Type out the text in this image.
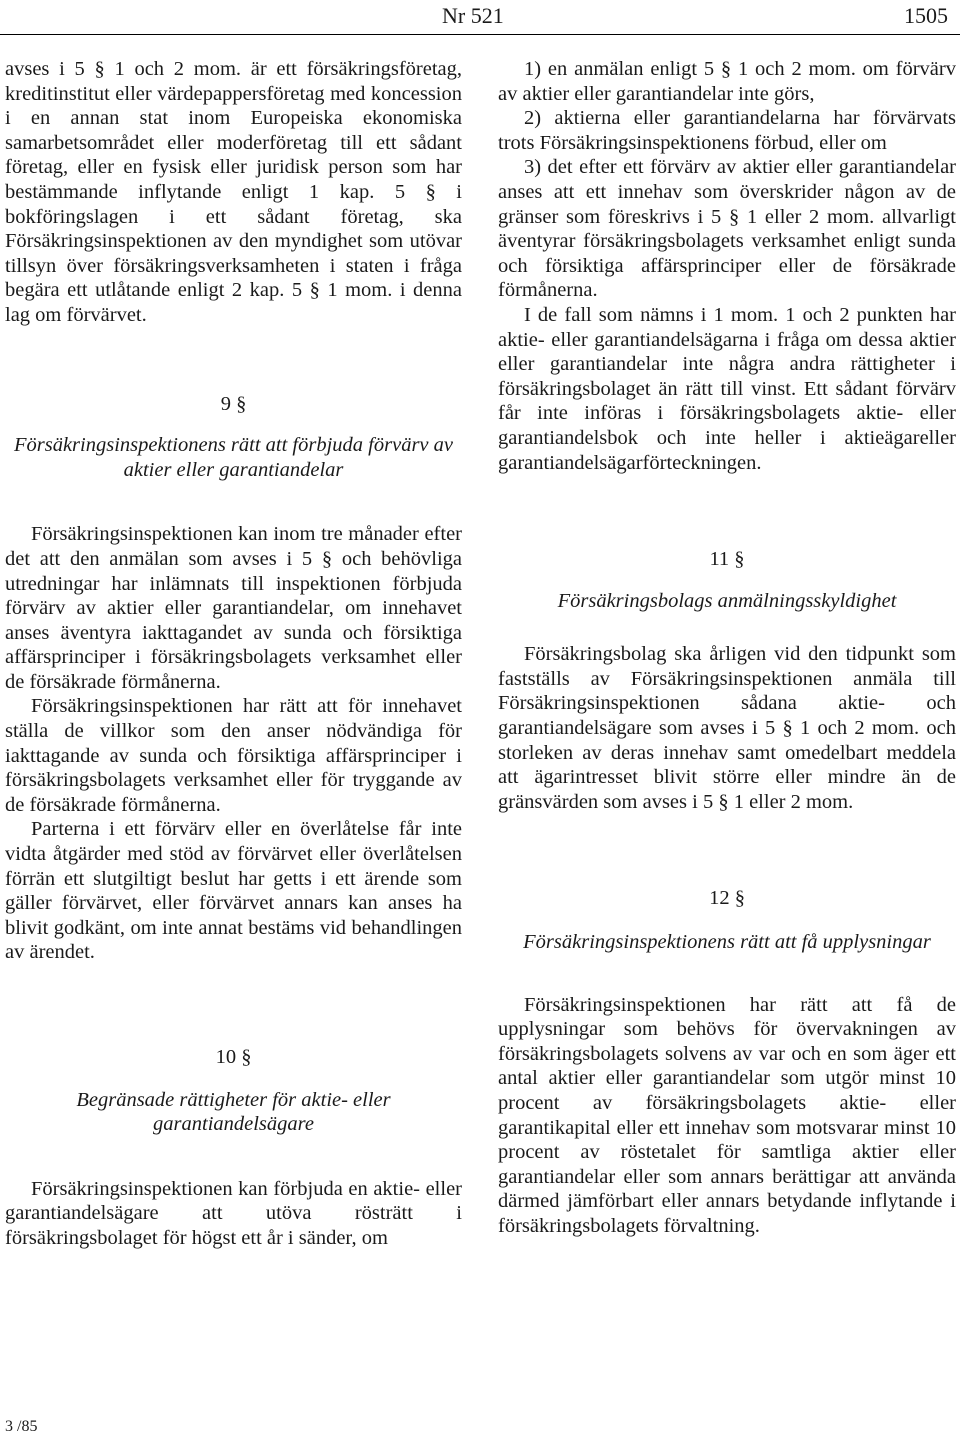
Nr 521	1505

avses i 5 § 1 och 2 mom. är ett försäkringsföretag, kreditinstitut eller värdepappersföretag med koncession i en annan stat inom Europeiska ekonomiska samarbetsområdet eller moderföretag till ett sådant företag, eller en fysisk eller juridisk person som har bestämmande inflytande enligt 1 kap. 5 § i bokföringslagen i ett sådant företag, ska Försäkringsinspektionen av den myndighet som utövar tillsyn över försäkringsverksamheten i staten i fråga begära ett utlåtande enligt 2 kap. 5 § 1 mom. i denna lag om förvärvet.

9 §

Försäkringsinspektionens rätt att förbjuda förvärv av aktier eller garantiandelar

Försäkringsinspektionen kan inom tre månader efter det att den anmälan som avses i 5 § och behövliga utredningar har inlämnats till inspektionen förbjuda förvärv av aktier eller garantiandelar, om innehavet anses äventyra iakttagandet av sunda och försiktiga affärsprinciper i försäkringsbolagets verksamhet eller de försäkrade förmånerna.

Försäkringsinspektionen har rätt att för innehavet ställa de villkor som den anser nödvändiga för iakttagande av sunda och försiktiga affärsprinciper i försäkringsbolagets verksamhet eller för tryggande av de försäkrade förmånerna.

Parterna i ett förvärv eller en överlåtelse får inte vidta åtgärder med stöd av förvärvet eller överlåtelsen förrän ett slutgiltigt beslut har getts i ett ärende som gäller förvärvet, eller förvärvet annars kan anses ha blivit godkänt, om inte annat bestäms vid behandlingen av ärendet.

10 §

Begränsade rättigheter för aktie- eller garantiandelsägare

Försäkringsinspektionen kan förbjuda en aktie- eller garantiandelsägare att utöva rösträtt i försäkringsbolaget för högst ett år i sänder, om

1) en anmälan enligt 5 § 1 och 2 mom. om förvärv av aktier eller garantiandelar inte görs,

2) aktierna eller garantiandelarna har förvärvats trots Försäkringsinspektionens förbud, eller om

3) det efter ett förvärv av aktier eller garantiandelar anses att ett innehav som överskrider någon av de gränser som föreskrivs i 5 § 1 eller 2 mom. allvarligt äventyrar försäkringsbolagets verksamhet enligt sunda och försiktiga affärsprinciper eller de försäkrade förmånerna.

I de fall som nämns i 1 mom. 1 och 2 punkten har aktie- eller garantiandelsägarna i fråga om dessa aktier eller garantiandelar inte några andra rättigheter i försäkringsbolaget än rätt till vinst. Ett sådant förvärv får inte införas i försäkringsbolagets aktie- eller garantiandelsbok och inte heller i aktieägareller garantiandelsägarförteckningen.

11 §

Försäkringsbolags anmälningsskyldighet

Försäkringsbolag ska årligen vid den tidpunkt som fastställs av Försäkringsinspektionen anmäla till Försäkringsinspektionen sådana aktie- och garantiandelsägare som avses i 5 § 1 och 2 mom. och storleken av deras innehav samt omedelbart meddela att ägarintresset blivit större eller mindre än de gränsvärden som avses i 5 § 1 eller 2 mom.

12 §

Försäkringsinspektionens rätt att få upplysningar

Försäkringsinspektionen har rätt att få de upplysningar som behövs för övervakningen av försäkringsbolagets solvens av var och en som äger ett antal aktier eller garantiandelar som utgör minst 10 procent av försäkringsbolagets aktie- eller garantikapital eller ett innehav som motsvarar minst 10 procent av röstetalet för samtliga aktier eller garantiandelar eller som annars berättigar att använda därmed jämförbart eller annars betydande inflytande i försäkringsbolagets förvaltning.

3 /85
